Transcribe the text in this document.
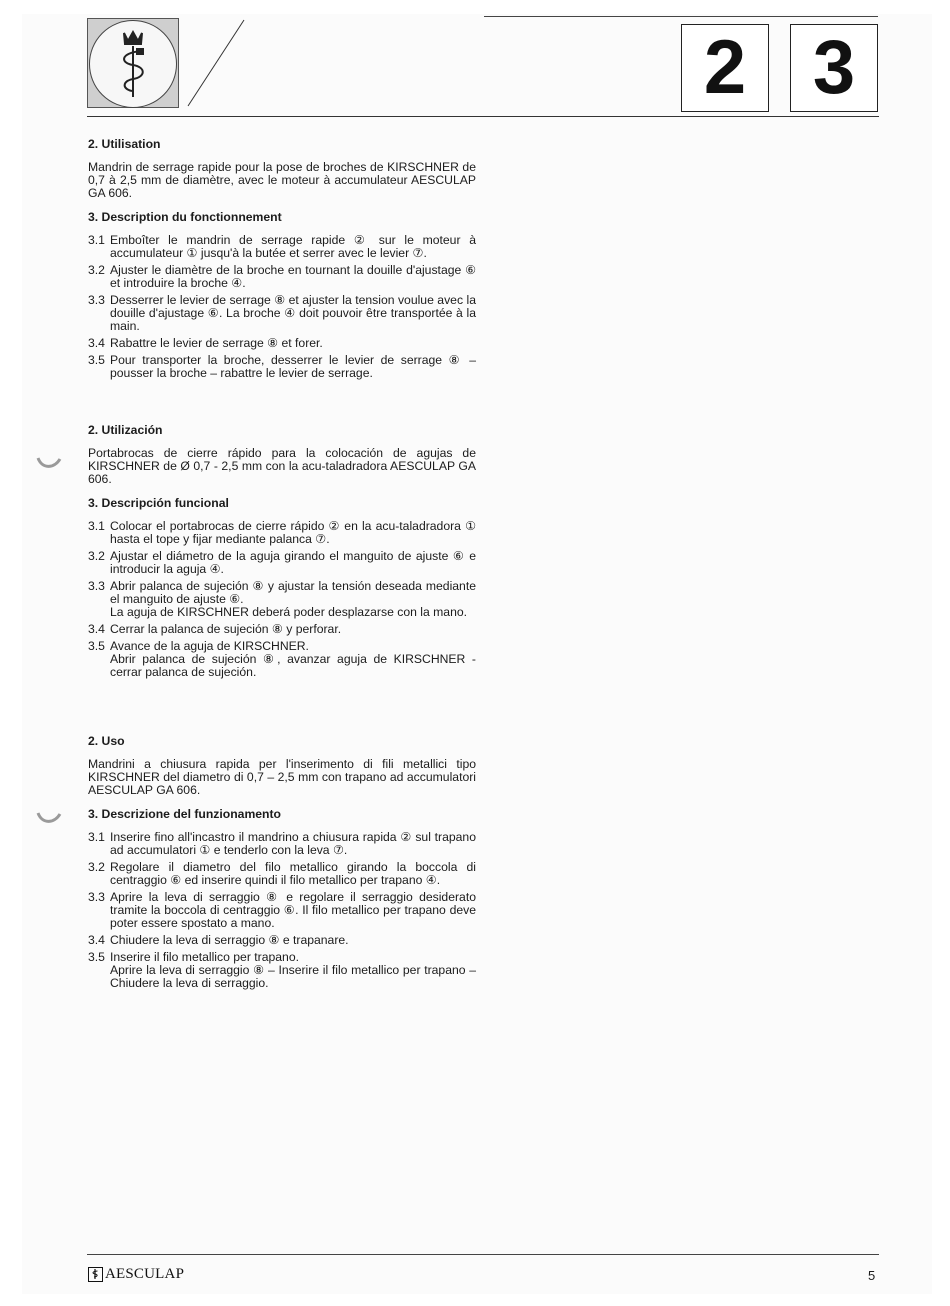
2 3
2. Utilisation

Mandrin de serrage rapide pour la pose de broches de KIRSCHNER de 0,7 à 2,5 mm de diamètre, avec le moteur à accumulateur AESCULAP GA 606.

3. Description du fonctionnement
3.1 Emboîter le mandrin de serrage rapide ② sur le moteur à accumulateur ① jusqu'à la butée et serrer avec le levier ⑦.
3.2 Ajuster le diamètre de la broche en tournant la douille d'ajustage ⑥ et introduire la broche ④.
3.3 Desserrer le levier de serrage ⑧ et ajuster la tension voulue avec la douille d'ajustage ⑥. La broche ④ doit pouvoir être transportée à la main.
3.4 Rabattre le levier de serrage ⑧ et forer.
3.5 Pour transporter la broche, desserrer le levier de serrage ⑧ – pousser la broche – rabattre le levier de serrage.
2. Utilización

Portabrocas de cierre rápido para la colocación de agujas de KIRSCHNER de Ø 0,7 - 2,5 mm con la acu-taladradora AESCULAP GA 606.

3. Descripción funcional
3.1 Colocar el portabrocas de cierre rápido ② en la acu-taladradora ① hasta el tope y fijar mediante palanca ⑦.
3.2 Ajustar el diámetro de la aguja girando el manguito de ajuste ⑥ e introducir la aguja ④.
3.3 Abrir palanca de sujeción ⑧ y ajustar la tensión deseada mediante el manguito de ajuste ⑥.
La aguja de KIRSCHNER deberá poder desplazarse con la mano.
3.4 Cerrar la palanca de sujeción ⑧ y perforar.
3.5 Avance de la aguja de KIRSCHNER.
Abrir palanca de sujeción ⑧, avanzar aguja de KIRSCHNER - cerrar palanca de sujeción.
2. Uso

Mandrini a chiusura rapida per l'inserimento di fili metallici tipo KIRSCHNER del diametro di 0,7 – 2,5 mm con trapano ad accumulatori AESCULAP GA 606.

3. Descrizione del funzionamento
3.1 Inserire fino all'incastro il mandrino a chiusura rapida ② sul trapano ad accumulatori ① e tenderlo con la leva ⑦.
3.2 Regolare il diametro del filo metallico girando la boccola di centraggio ⑥ ed inserire quindi il filo metallico per trapano ④.
3.3 Aprire la leva di serraggio ⑧ e regolare il serraggio desiderato tramite la boccola di centraggio ⑥. Il filo metallico per trapano deve poter essere spostato a mano.
3.4 Chiudere la leva di serraggio ⑧ e trapanare.
3.5 Inserire il filo metallico per trapano.
Aprire la leva di serraggio ⑧ – Inserire il filo metallico per trapano – Chiudere la leva di serraggio.
AESCULAP	5
